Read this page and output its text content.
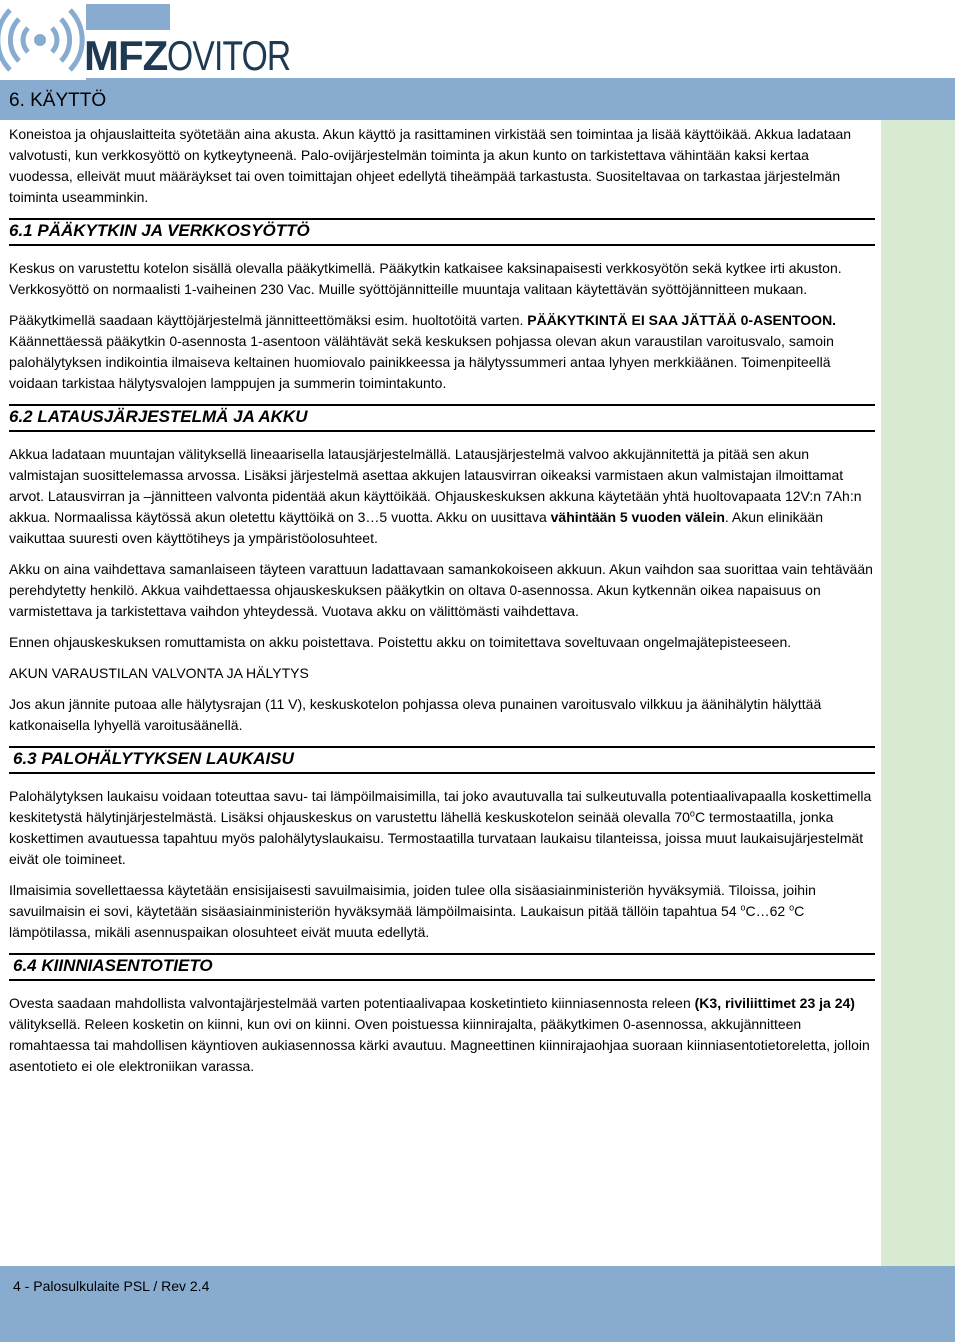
MFZOVITOR
6. KÄYTTÖ

Koneistoa ja ohjauslaitteita syötetään aina akusta. Akun käyttö ja rasittaminen virkistää sen toimintaa ja lisää käyttöikää. Akkua ladataan valvotusti, kun verkkosyöttö on kytkeytyneenä. Palo-ovijärjestelmän toiminta ja akun kunto on tarkistettava vähintään kaksi kertaa vuodessa, elleivät muut määräykset tai oven toimittajan ohjeet edellytä tiheämpää tarkastusta. Suositeltavaa on tarkastaa järjestelmän toiminta useamminkin.

6.1 PÄÄKYTKIN JA VERKKOSYÖTTÖ

Keskus on varustettu kotelon sisällä olevalla pääkytkimellä. Pääkytkin katkaisee kaksinapaisesti verkkosyötön sekä kytkee irti akuston. Verkkosyöttö on normaalisti 1-vaiheinen 230 Vac. Muille syöttöjännitteille muuntaja valitaan käytettävän syöttöjännitteen mukaan.

Pääkytkimellä saadaan käyttöjärjestelmä jännitteettömäksi esim. huoltotöitä varten. PÄÄKYTKINTÄ EI SAA JÄTTÄÄ 0-ASENTOON. Käännettäessä pääkytkin 0-asennosta 1-asentoon välähtävät sekä keskuksen pohjassa olevan akun varaustilan varoitusvalo, samoin palohälytyksen indikointia ilmaiseva keltainen huomiovalo painikkeessa ja hälytyssummeri antaa lyhyen merkkiäänen. Toimenpiteellä voidaan tarkistaa hälytysvalojen lamppujen ja summerin toimintakunto.

6.2 LATAUSJÄRJESTELMÄ JA AKKU

Akkua ladataan muuntajan välityksellä lineaarisella latausjärjestelmällä. Latausjärjestelmä valvoo akkujännitettä ja pitää sen akun valmistajan suosittelemassa arvossa. Lisäksi järjestelmä asettaa akkujen latausvirran oikeaksi varmistaen akun valmistajan ilmoittamat arvot. Latausvirran ja –jännitteen valvonta pidentää akun käyttöikää. Ohjauskeskuksen akkuna käytetään yhtä huoltovapaata 12V:n 7Ah:n akkua. Normaalissa käytössä akun oletettu käyttöikä on 3…5 vuotta. Akku on uusittava vähintään 5 vuoden välein. Akun elinikään vaikuttaa suuresti oven käyttötiheys ja ympäristöolosuhteet.

Akku on aina vaihdettava samanlaiseen täyteen varattuun ladattavaan samankokoiseen akkuun. Akun vaihdon saa suorittaa vain tehtävään perehdytetty henkilö. Akkua vaihdettaessa ohjauskeskuksen pääkytkin on oltava 0-asennossa. Akun kytkennän oikea napaisuus on varmistettava ja tarkistettava vaihdon yhteydessä. Vuotava akku on välittömästi vaihdettava.

Ennen ohjauskeskuksen romuttamista on akku poistettava. Poistettu akku on toimitettava soveltuvaan ongelmajätepisteeseen.

AKUN VARAUSTILAN VALVONTA JA HÄLYTYS

Jos akun jännite putoaa alle hälytysrajan (11 V), keskuskotelon pohjassa oleva punainen varoitusvalo vilkkuu ja äänihälytin hälyttää katkonaisella lyhyellä varoitusäänellä.

6.3 PALOHÄLYTYKSEN LAUKAISU

Palohälytyksen laukaisu voidaan toteuttaa savu- tai lämpöilmaisimilla, tai joko avautuvalla tai sulkeutuvalla potentiaalivapaalla koskettimella keskitetystä hälytinjärjestelmästä. Lisäksi ohjauskeskus on varustettu lähellä keskuskotelon seinää olevalla 70$^o$C termostaatilla, jonka koskettimen avautuessa tapahtuu myös palohälytyslaukaisu. Termostaatilla turvataan laukaisu tilanteissa, joissa muut laukaisujärjestelmät eivät ole toimineet.

Ilmaisimia sovellettaessa käytetään ensisijaisesti savuilmaisimia, joiden tulee olla sisäasiainministeriön hyväksymiä. Tiloissa, joihin savuilmaisin ei sovi, käytetään sisäasiainministeriön hyväksymää lämpöilmaisinta. Laukaisun pitää tällöin tapahtua 54 $^o$C…62 $^o$C lämpötilassa, mikäli asennuspaikan olosuhteet eivät muuta edellytä.

6.4 KIINNIASENTOTIETO

Ovesta saadaan mahdollista valvontajärjestelmää varten potentiaalivapaa kosketintieto kiinniasennosta releen (K3, riviliittimet 23 ja 24) välityksellä. Releen kosketin on kiinni, kun ovi on kiinni. Oven poistuessa kiinnirajalta, pääkytkimen 0-asennossa, akkujännitteen romahtaessa tai mahdollisen käyntioven aukiasennossa kärki avautuu. Magneettinen kiinnirajaohjaa suoraan kiinniasentotietoreletta, jolloin asentotieto ei ole elektroniikan varassa.

4 - Palosulkulaite PSL / Rev 2.4
